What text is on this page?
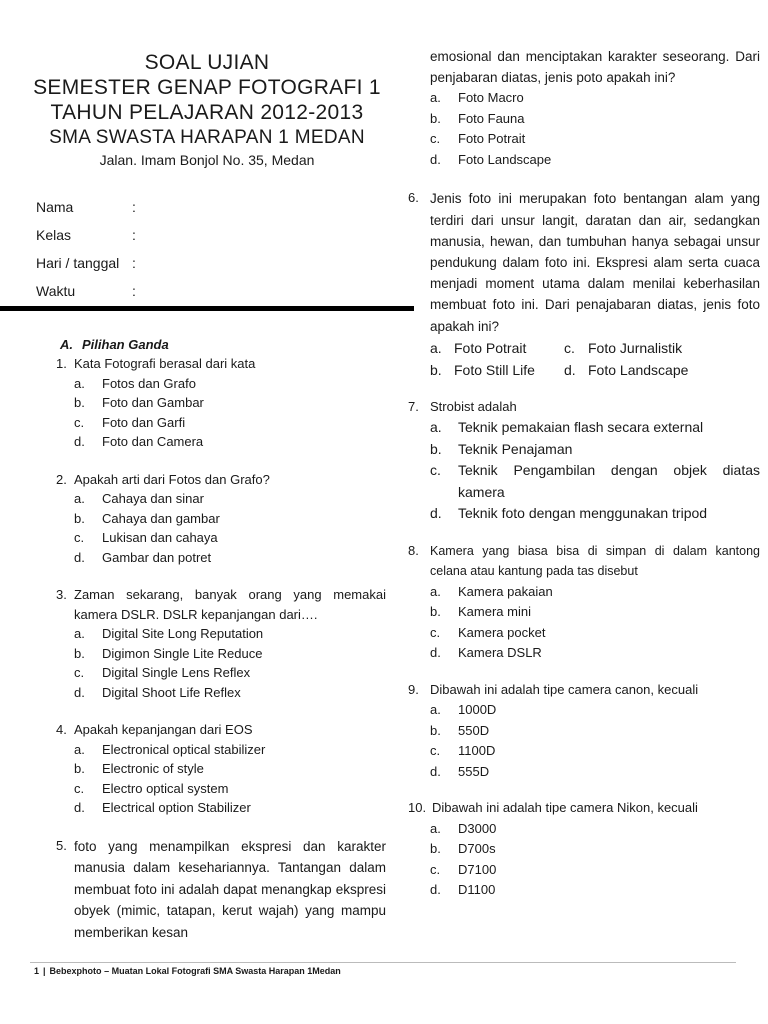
SOAL UJIAN
SEMESTER GENAP FOTOGRAFI 1
TAHUN PELAJARAN 2012-2013
SMA SWASTA HARAPAN 1 MEDAN
Jalan. Imam Bonjol No. 35, Medan
Nama	:
Kelas	:
Hari / tanggal :
Waktu	:
A. Pilihan Ganda
1. Kata Fotografi berasal dari kata
a.	Fotos dan Grafo
b.	Foto dan Gambar
c.	Foto dan Garfi
d.	Foto dan Camera
2. Apakah arti dari Fotos dan Grafo?
a.	Cahaya dan sinar
b.	Cahaya dan gambar
c.	Lukisan dan cahaya
d.	Gambar dan potret
3. Zaman sekarang, banyak orang yang memakai kamera DSLR. DSLR kepanjangan dari….
a.	Digital Site Long Reputation
b.	Digimon Single Lite Reduce
c.	Digital Single Lens Reflex
d.	Digital Shoot Life Reflex
4. Apakah kepanjangan dari EOS
a.	Electronical optical stabilizer
b.	Electronic of style
c.	Electro optical system
d.	Electrical option Stabilizer
5. foto yang menampilkan ekspresi dan karakter manusia dalam kesehariannya. Tantangan dalam membuat foto ini adalah dapat menangkap ekspresi obyek (mimic, tatapan, kerut wajah) yang mampu memberikan kesan
emosional dan menciptakan karakter seseorang. Dari penjabaran diatas, jenis poto apakah ini?
a.	Foto Macro
b.	Foto Fauna
c.	Foto Potrait
d.	Foto Landscape
6. Jenis foto ini merupakan foto bentangan alam yang terdiri dari unsur langit, daratan dan air, sedangkan manusia, hewan, dan tumbuhan hanya sebagai unsur pendukung dalam foto ini. Ekspresi alam serta cuaca menjadi moment utama dalam menilai keberhasilan membuat foto ini. Dari penajabaran diatas, jenis foto apakah ini?
a. Foto Potrait	c. Foto Jurnalistik
b. Foto Still Life d. Foto Landscape
7. Strobist adalah
a.	Teknik pemakaian flash secara external
b.	Teknik Penajaman
c.	Teknik Pengambilan dengan objek diatas kamera
d.	Teknik foto dengan menggunakan tripod
8. Kamera yang biasa bisa di simpan di dalam kantong celana atau kantung pada tas disebut
a.	Kamera pakaian
b.	Kamera mini
c.	Kamera pocket
d.	Kamera DSLR
9. Dibawah ini adalah tipe camera canon, kecuali
a.	1000D
b.	550D
c.	1100D
d.	555D
10. Dibawah ini adalah tipe camera Nikon, kecuali
a.	D3000
b.	D700s
c.	D7100
d.	D1100
1 | Bebexphoto – Muatan Lokal Fotografi SMA Swasta Harapan 1Medan
